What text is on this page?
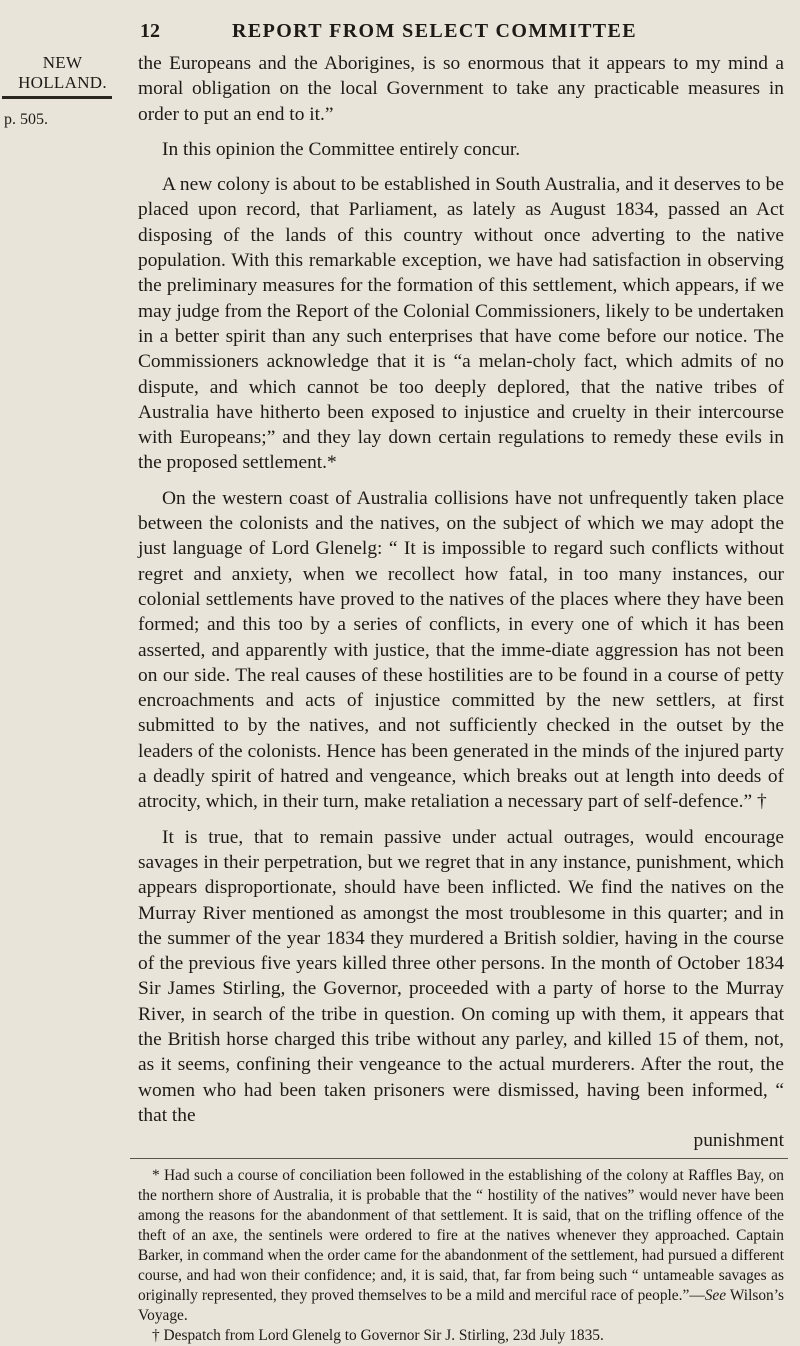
NEW
HOLLAND.
p. 505.
12	REPORT FROM SELECT COMMITTEE

the Europeans and the Aborigines, is so enormous that it appears to my mind a moral obligation on the local Government to take any practicable measures in order to put an end to it.”

In this opinion the Committee entirely concur.

A new colony is about to be established in South Australia, and it deserves to be placed upon record, that Parliament, as lately as August 1834, passed an Act disposing of the lands of this country without once adverting to the native population. With this remarkable exception, we have had satisfaction in observing the preliminary measures for the formation of this settlement, which appears, if we may judge from the Report of the Colonial Commissioners, likely to be undertaken in a better spirit than any such enterprises that have come before our notice. The Commissioners acknowledge that it is “a melan-choly fact, which admits of no dispute, and which cannot be too deeply deplored, that the native tribes of Australia have hitherto been exposed to injustice and cruelty in their intercourse with Europeans;” and they lay down certain regulations to remedy these evils in the proposed settlement.*

On the western coast of Australia collisions have not unfrequently taken place between the colonists and the natives, on the subject of which we may adopt the just language of Lord Glenelg: “ It is impossible to regard such conflicts without regret and anxiety, when we recollect how fatal, in too many instances, our colonial settlements have proved to the natives of the places where they have been formed; and this too by a series of conflicts, in every one of which it has been asserted, and apparently with justice, that the imme-diate aggression has not been on our side. The real causes of these hostilities are to be found in a course of petty encroachments and acts of injustice committed by the new settlers, at first submitted to by the natives, and not sufficiently checked in the outset by the leaders of the colonists. Hence has been generated in the minds of the injured party a deadly spirit of hatred and vengeance, which breaks out at length into deeds of atrocity, which, in their turn, make retaliation a necessary part of self-defence.” †

It is true, that to remain passive under actual outrages, would encourage savages in their perpetration, but we regret that in any instance, punishment, which appears disproportionate, should have been inflicted. We find the natives on the Murray River mentioned as amongst the most troublesome in this quarter; and in the summer of the year 1834 they murdered a British soldier, having in the course of the previous five years killed three other persons. In the month of October 1834 Sir James Stirling, the Governor, proceeded with a party of horse to the Murray River, in search of the tribe in question. On coming up with them, it appears that the British horse charged this tribe without any parley, and killed 15 of them, not, as it seems, confining their vengeance to the actual murderers. After the rout, the women who had been taken prisoners were dismissed, having been informed, “ that the

punishment

* Had such a course of conciliation been followed in the establishing of the colony at Raffles Bay, on the northern shore of Australia, it is probable that the “ hostility of the natives” would never have been among the reasons for the abandonment of that settlement. It is said, that on the trifling offence of the theft of an axe, the sentinels were ordered to fire at the natives whenever they approached. Captain Barker, in command when the order came for the abandonment of the settlement, had pursued a different course, and had won their confidence; and, it is said, that, far from being such “ untameable savages as originally represented, they proved themselves to be a mild and merciful race of people.”—See Wilson’s Voyage.

† Despatch from Lord Glenelg to Governor Sir J. Stirling, 23d July 1835.
